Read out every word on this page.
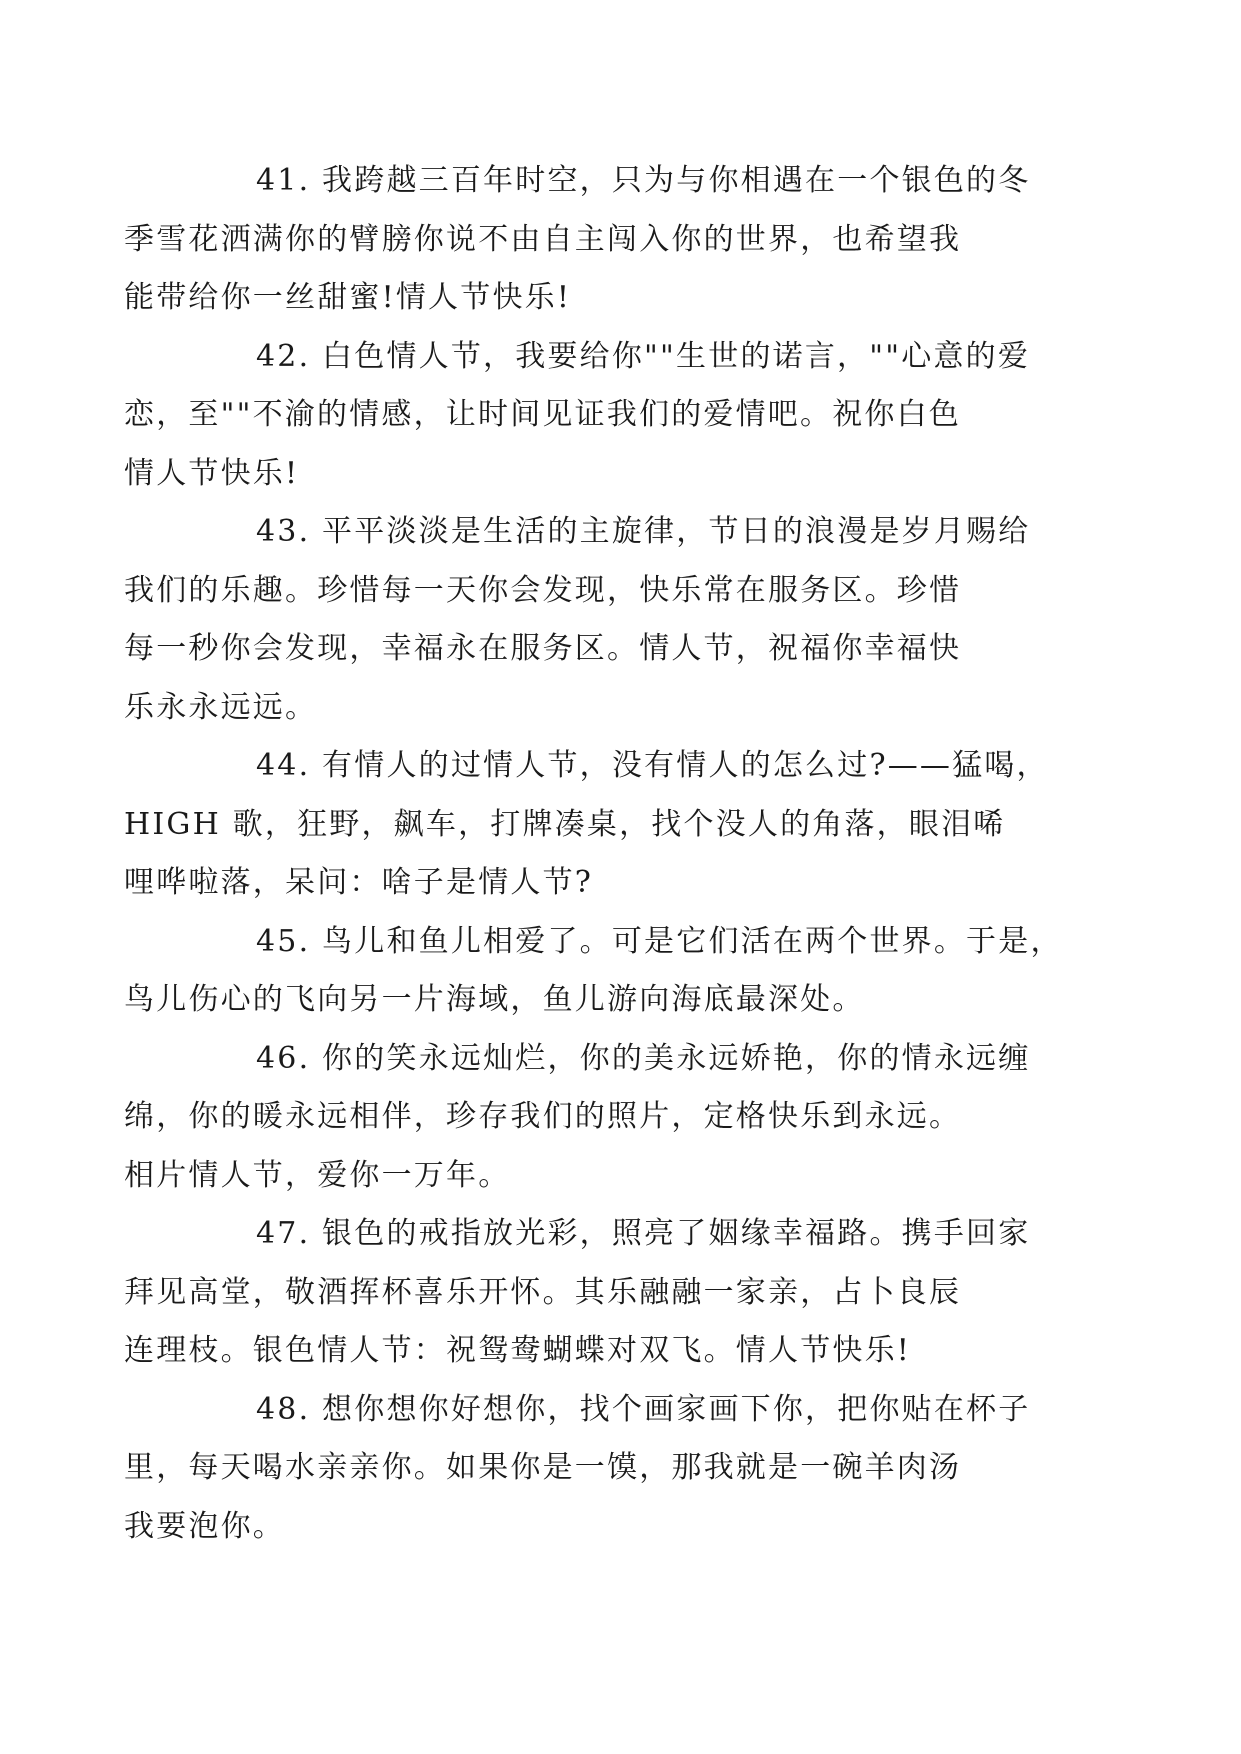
41. 我跨越三百年时空，只为与你相遇在一个银色的冬
季雪花洒满你的臂膀你说不由自主闯入你的世界，也希望我
能带给你一丝甜蜜!情人节快乐!

42. 白色情人节，我要给你""生世的诺言，""心意的爱
恋，至""不渝的情感，让时间见证我们的爱情吧。祝你白色
情人节快乐!

43. 平平淡淡是生活的主旋律，节日的浪漫是岁月赐给
我们的乐趣。珍惜每一天你会发现，快乐常在服务区。珍惜
每一秒你会发现，幸福永在服务区。情人节，祝福你幸福快
乐永永远远。

44. 有情人的过情人节，没有情人的怎么过?——猛喝，
HIGH 歌，狂野，飙车，打牌凑桌，找个没人的角落，眼泪唏
哩哗啦落，呆问：啥子是情人节?

45. 鸟儿和鱼儿相爱了。可是它们活在两个世界。于是，
鸟儿伤心的飞向另一片海域，鱼儿游向海底最深处。

46. 你的笑永远灿烂，你的美永远娇艳，你的情永远缠
绵，你的暖永远相伴，珍存我们的照片，定格快乐到永远。
相片情人节，爱你一万年。

47. 银色的戒指放光彩，照亮了姻缘幸福路。携手回家
拜见高堂，敬酒挥杯喜乐开怀。其乐融融一家亲，占卜良辰
连理枝。银色情人节：祝鸳鸯蝴蝶对双飞。情人节快乐!

48. 想你想你好想你，找个画家画下你，把你贴在杯子
里，每天喝水亲亲你。如果你是一馍，那我就是一碗羊肉汤
我要泡你。
